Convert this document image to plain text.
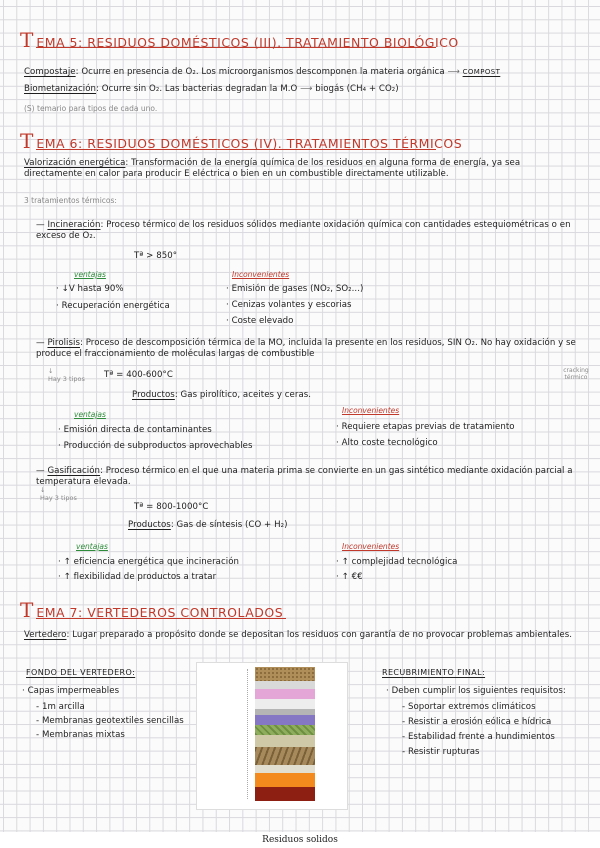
TEMA 5: RESIDUOS DOMÉSTICOS (III). TRATAMIENTO BIOLÓGICO
Compostaje: Ocurre en presencia de O₂. Los microorganismos descomponen la materia orgánica ⟶ COMPOST
Biometanización: Ocurre sin O₂. Las bacterias degradan la M.O ⟶ biogás (CH₄ + CO₂)
(S) temario para tipos de cada uno.
TEMA 6: RESIDUOS DOMÉSTICOS (IV). TRATAMIENTOS TÉRMICOS
Valorización energética: Transformación de la energía química de los residuos en alguna forma de energía, ya sea directamente en calor para producir E eléctrica o bien en un combustible directamente utilizable.
3 tratamientos térmicos:
— Incineración: Proceso térmico de los residuos sólidos mediante oxidación química con cantidades estequiométricas o en exceso de O₂.
Tª > 850°
ventajas
· ↓V hasta 90%
· Recuperación energética
Inconvenientes
· Emisión de gases (NO₂, SO₂...)
· Cenizas volantes y escorias
· Coste elevado
— Pirolisis: Proceso de descomposición térmica de la MO, incluida la presente en los residuos, SIN O₂. No hay oxidación y se produce el fraccionamiento de moléculas largas de combustible
↓
Hay 3 tipos
cracking térmico
Tª = 400-600°C
Productos: Gas pirolítico, aceites y ceras.
ventajas
· Emisión directa de contaminantes
· Producción de subproductos aprovechables
Inconvenientes
· Requiere etapas previas de tratamiento
· Alto coste tecnológico
— Gasificación: Proceso térmico en el que una materia prima se convierte en un gas sintético mediante oxidación parcial a temperatura elevada.
↓
Hay 3 tipos
Tª = 800-1000°C
Productos: Gas de síntesis (CO + H₂)
ventajas
· ↑ eficiencia energética que incineración
· ↑ flexibilidad de productos a tratar
Inconvenientes
· ↑ complejidad tecnológica
· ↑ €€
TEMA 7: VERTEDEROS CONTROLADOS
Vertedero: Lugar preparado a propósito donde se depositan los residuos con garantía de no provocar problemas ambientales.
FONDO DEL VERTEDERO:
· Capas impermeables
- 1m arcilla
- Membranas geotextiles sencillas
- Membranas mixtas
RECUBRIMIENTO FINAL:
· Deben cumplir los siguientes requisitos:
- Soportar extremos climáticos
- Resistir a erosión eólica e hídrica
- Estabilidad frente a hundimientos
- Resistir rupturas
Residuos solidos
